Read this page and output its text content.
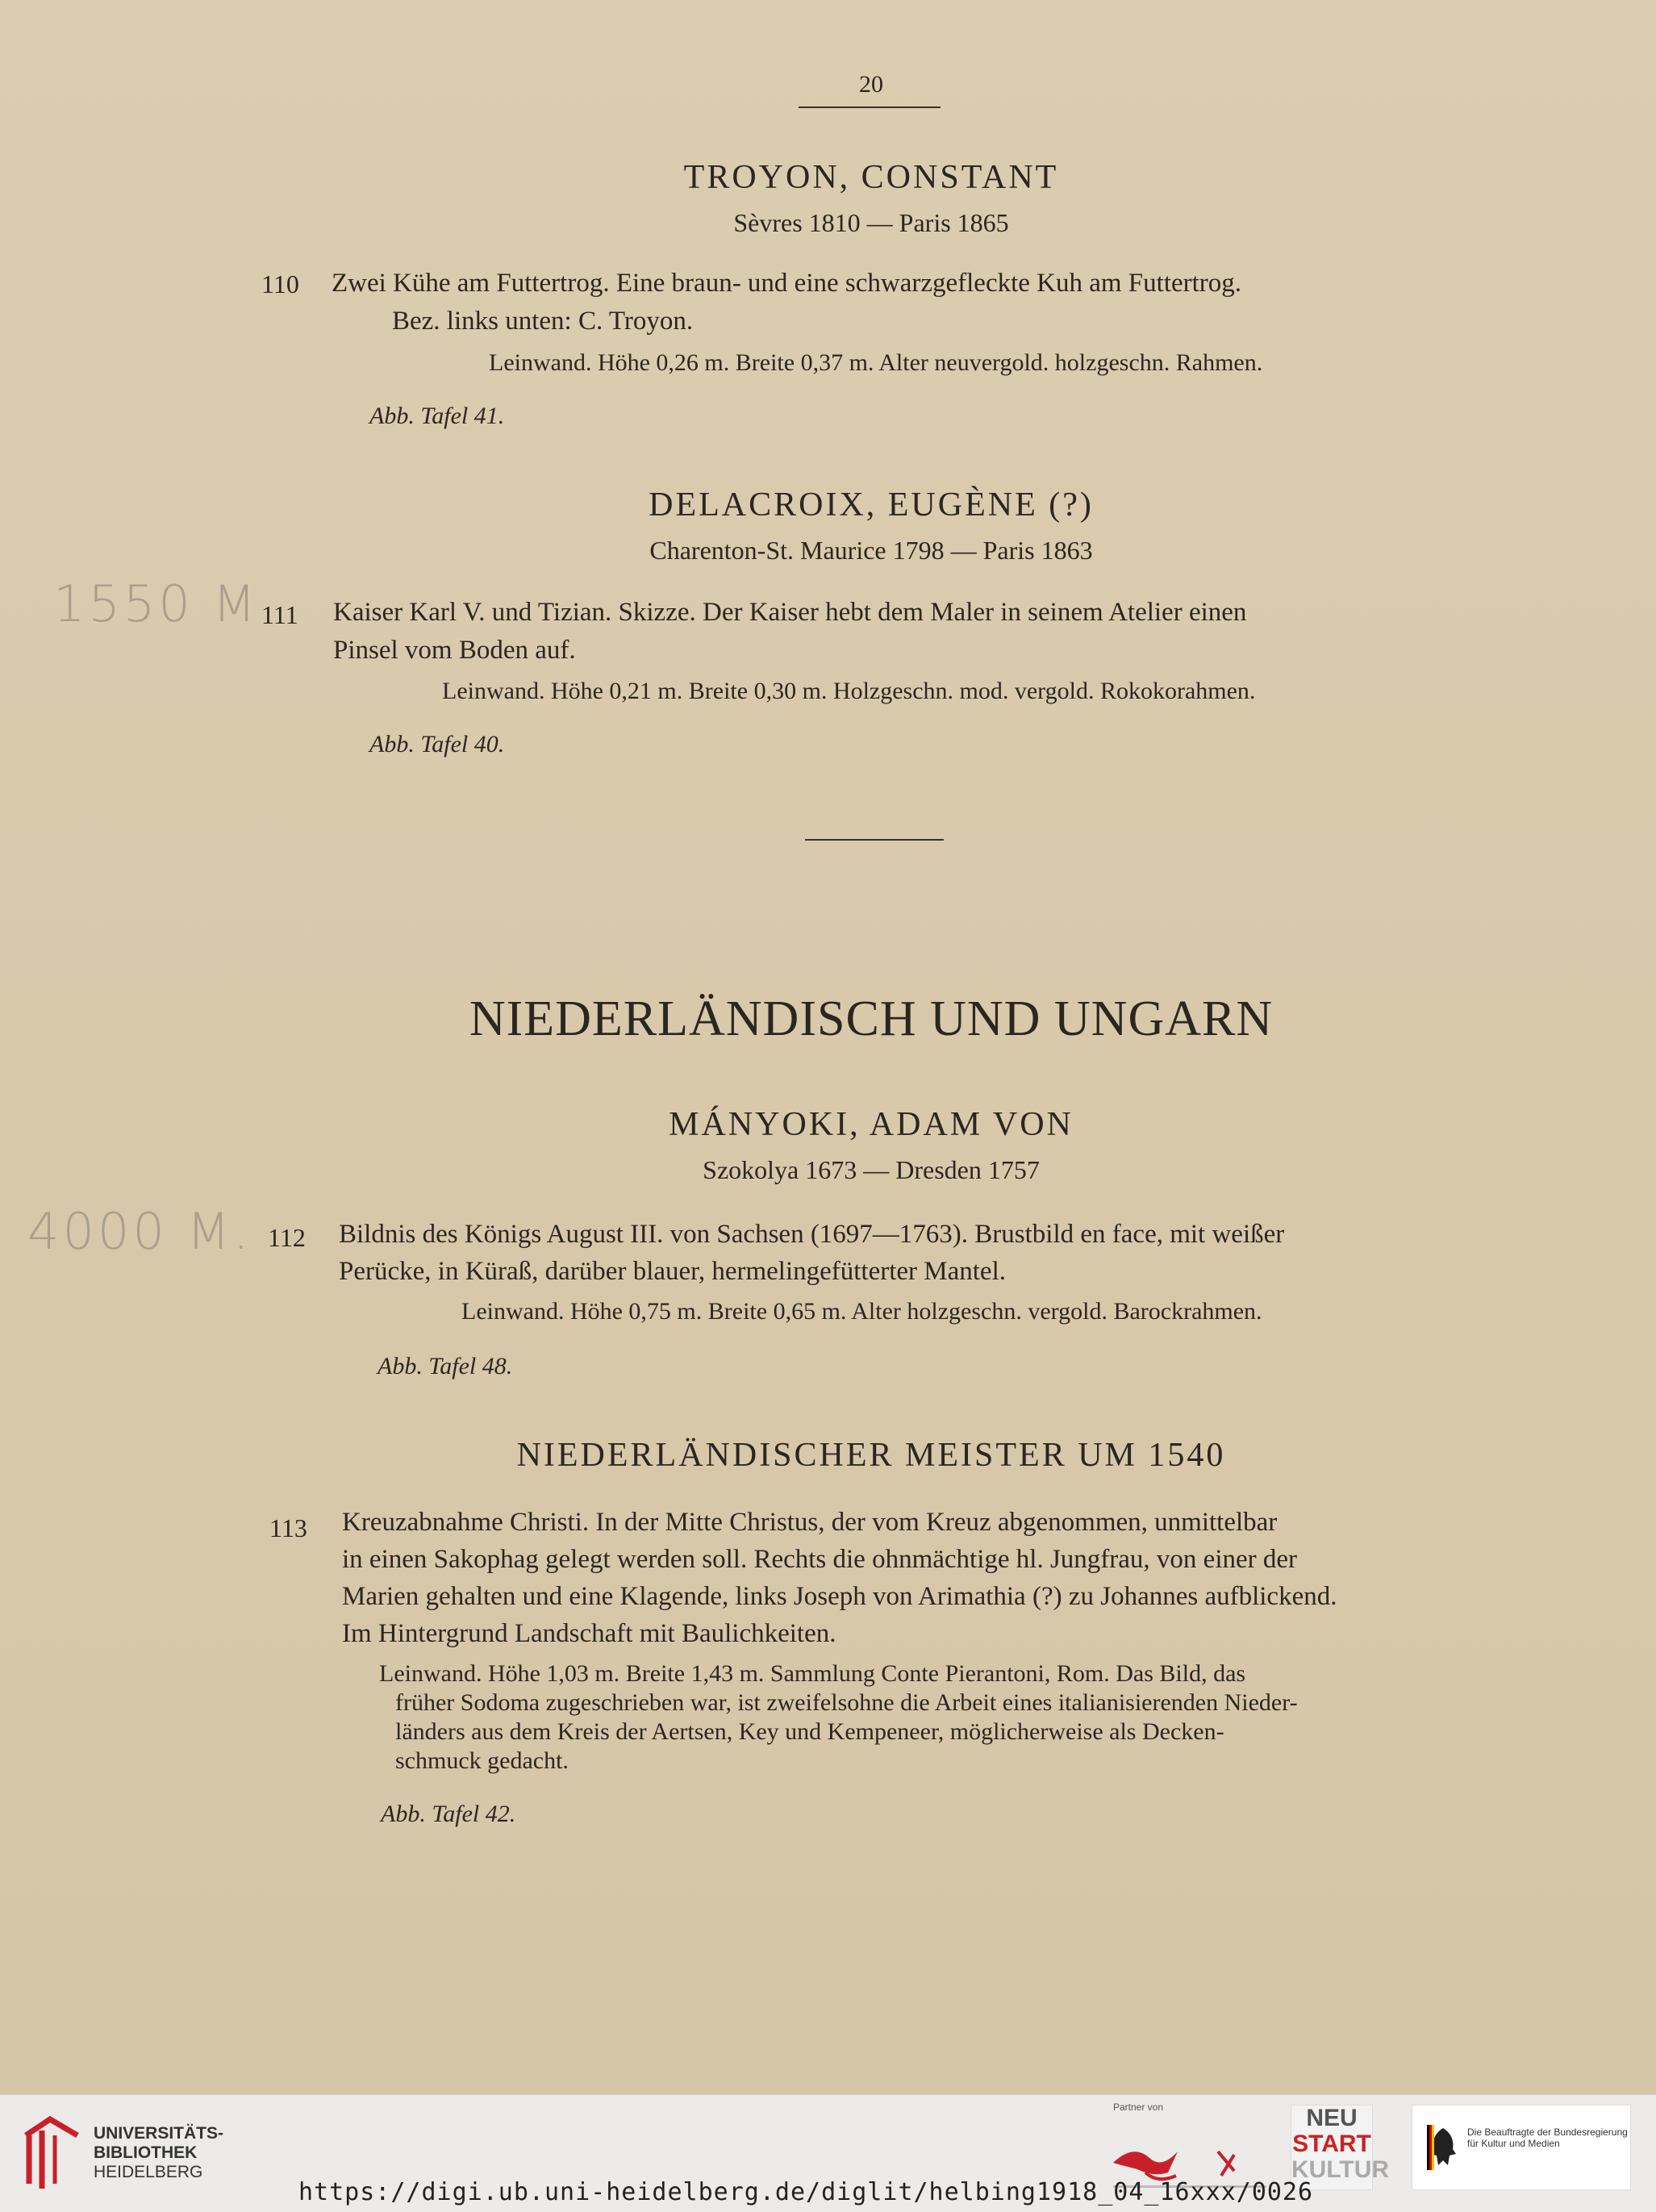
20
TROYON, CONSTANT
Sèvres 1810 — Paris 1865
110 Zwei Kühe am Futtertrog. Eine braun- und eine schwarzgefleckte Kuh am Futtertrog.
Bez. links unten: C. Troyon.
Leinwand. Höhe 0,26 m. Breite 0,37 m. Alter neuvergold. holzgeschn. Rahmen.
Abb. Tafel 41.
DELACROIX, EUGÈNE (?)
Charenton-St. Maurice 1798 — Paris 1863
1550 M 111 Kaiser Karl V. und Tizian. Skizze. Der Kaiser hebt dem Maler in seinem Atelier einen
Pinsel vom Boden auf.
Leinwand. Höhe 0,21 m. Breite 0,30 m. Holzgeschn. mod. vergold. Rokokorahmen.
Abb. Tafel 40.
NIEDERLÄNDISCH UND UNGARN
MÁNYOKI, ADAM VON
Szokolya 1673 — Dresden 1757
4000 M. 112 Bildnis des Königs August III. von Sachsen (1697—1763). Brustbild en face, mit weißer
Perücke, in Küraß, darüber blauer, hermelingefütterter Mantel.
Leinwand. Höhe 0,75 m. Breite 0,65 m. Alter holzgeschn. vergold. Barockrahmen.
Abb. Tafel 48.
NIEDERLÄNDISCHER MEISTER UM 1540
113 Kreuzabnahme Christi. In der Mitte Christus, der vom Kreuz abgenommen, unmittelbar
in einen Sakophag gelegt werden soll. Rechts die ohnmächtige hl. Jungfrau, von einer der
Marien gehalten und eine Klagende, links Joseph von Arimathia (?) zu Johannes aufblickend.
Im Hintergrund Landschaft mit Baulichkeiten.
Leinwand. Höhe 1,03 m. Breite 1,43 m. Sammlung Conte Pierantoni, Rom. Das Bild, das
früher Sodoma zugeschrieben war, ist zweifelsohne die Arbeit eines italianisierenden Nieder-
länders aus dem Kreis der Aertsen, Key und Kempeneer, möglicherweise als Decken-
schmuck gedacht.
Abb. Tafel 42.
UNIVERSITÄTS-
BIBLIOTHEK
HEIDELBERG
Partner von	NEU
START
KULTUR
Die Beauftragte der Bundesregierung
für Kultur und Medien
https://digi.ub.uni-heidelberg.de/diglit/helbing1918_04_16xxx/0026
